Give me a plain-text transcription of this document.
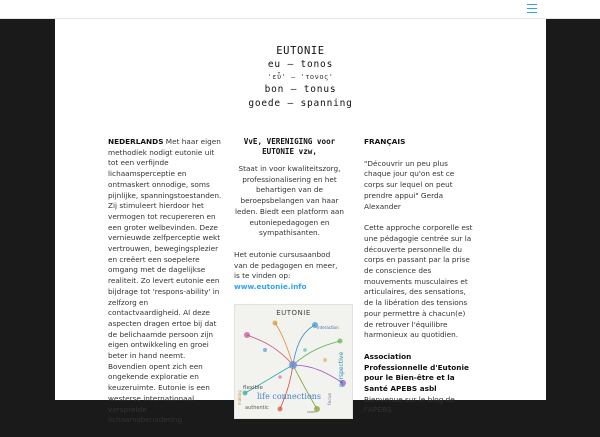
EUTONIE
eu – tonos
'εὖ' – 'τονος'
bon – tonus
goede – spanning

NEDERLANDS Met haar eigen methodiek nodigt eutonie uit tot een verfijnde lichaamsperceptie en ontmaskert onnodige, soms pijnlijke, spanningstoestanden. Zij stimuleert hierdoor het vermogen tot recupereren en een groter welbevinden. Deze vernieuwde zelfperceptie wekt vertrouwen, bewegingsplezier en creëert een soepelere omgang met de dagelijkse realiteit. Zo levert eutonie een bijdrage tot 'respons-ability' in zelfzorg en contactvaardigheid. Al deze aspecten dragen ertoe bij dat de belichaamde persoon zijn eigen ontwikkeling en groei beter in hand neemt. Bovendien opent zich een ongekende exploratie en keuzeruimte. Eutonie is een westerse internationaal verspreide lichaamsbenadering

VvE, VERENIGING voor EUTONIE vzw,

Staat in voor kwaliteitszorg, professionalisering en het behartigen van de beroepsbelangen van haar leden. Biedt een platform aan eutoniepedagogen en sympathisanten.

Het eutonie cursusaanbod van de pedagogen en meer, is te vinden op: www.eutonie.info

EUTONIE
interaction
perspective
flexible
life connections
authentic
focus
making
zoom

FRANÇAIS

"Découvrir un peu plus chaque jour qu'on est ce corps sur lequel on peut prendre appui" Gerda Alexander

Cette approche corporelle est une pédagogie centrée sur la découverte personnelle du corps en passant par la prise de conscience des mouvements musculaires et articulaires, des sensations, de la libération des tensions pour permettre à chacun(e) de retrouver l'équilibre harmonieux au quotidien.

Association Professionnelle d'Eutonie pour le Bien-être et la Santé APEBS asbl
Bienvenue sur le blog de l'APEBS
